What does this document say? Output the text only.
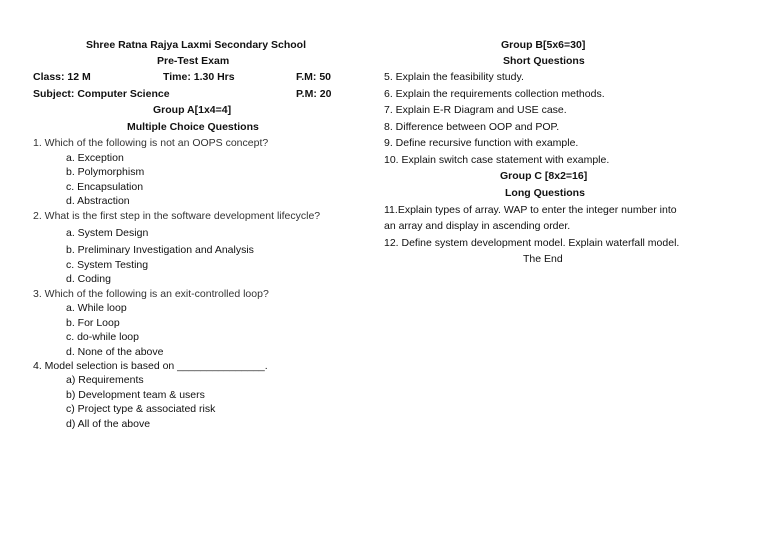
Shree Ratna Rajya Laxmi Secondary School
Pre-Test Exam
Class: 12 M	Time: 1.30 Hrs	F.M: 50
Subject: Computer Science	P.M: 20
Group A[1x4=4]
Multiple Choice Questions
1. Which of the following is not an OOPS concept?
a. Exception
b. Polymorphism
c. Encapsulation
d. Abstraction
2. What is the first step in the software development lifecycle?
a. System Design
b. Preliminary Investigation and Analysis
c. System Testing
d. Coding
3. Which of the following is an exit-controlled loop?
a. While loop
b. For Loop
c. do-while loop
d. None of the above
4. Model selection is based on _______________.
a) Requirements
b) Development team & users
c) Project type & associated risk
d) All of the above
Group B[5x6=30]
Short Questions
5. Explain the feasibility study.
6. Explain the requirements collection methods.
7. Explain E-R Diagram and USE case.
8. Difference between OOP and POP.
9. Define recursive function with example.
10. Explain switch case statement with example.
Group C [8x2=16]
Long Questions
11.Explain types of array. WAP to enter the integer number into
an array and display in ascending order.
12. Define system development model. Explain waterfall model.
The End
